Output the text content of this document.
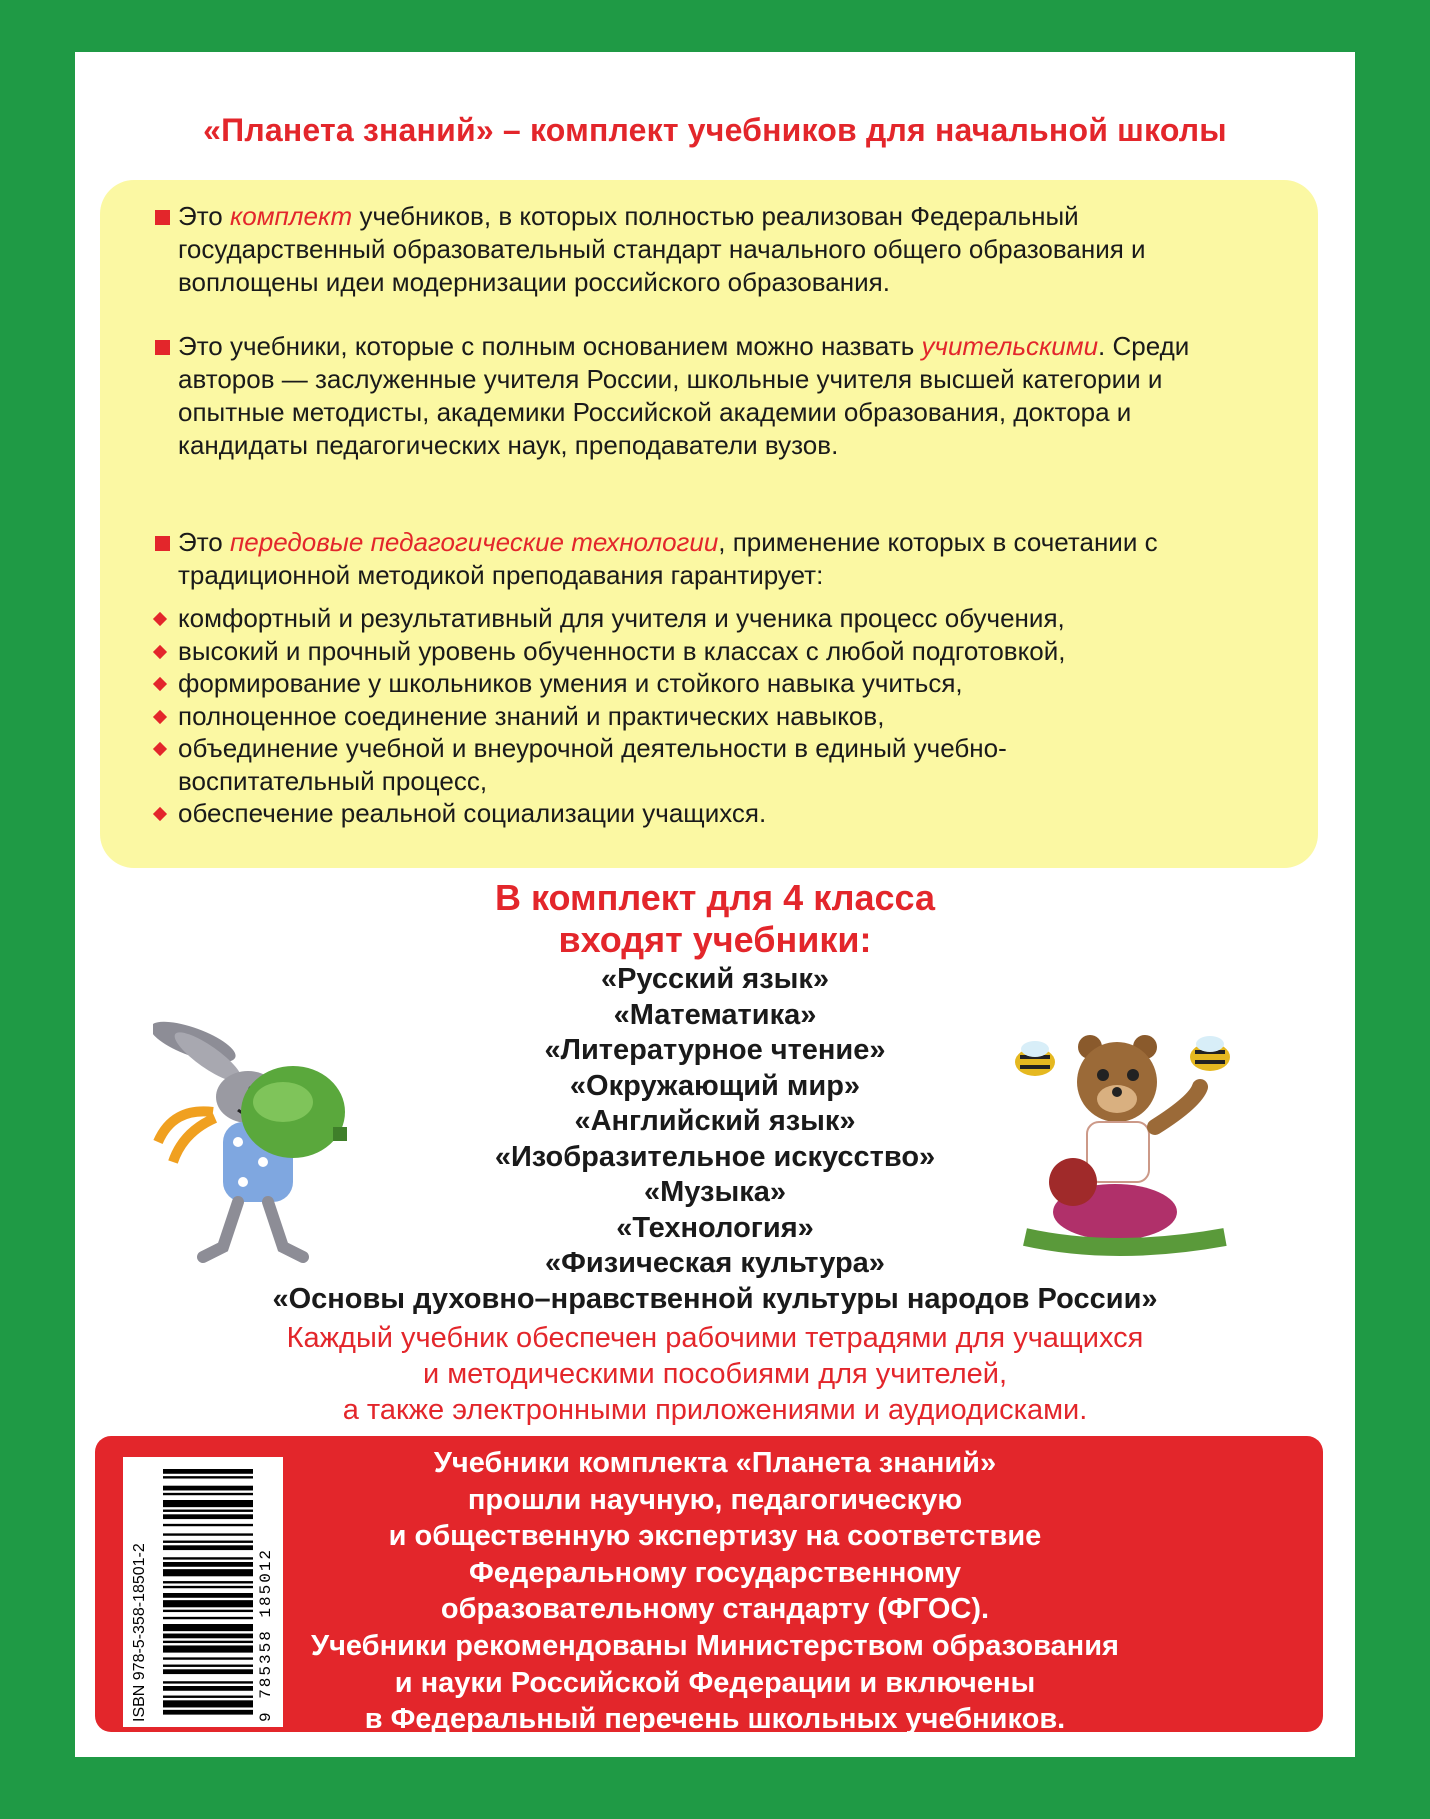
«Планета знаний» – комплект учебников для начальной школы
Это комплект учебников, в которых полностью реализован Федеральный государственный образовательный стандарт начального общего образования и воплощены идеи модернизации российского образования.
Это учебники, которые с полным основанием можно назвать учительскими. Среди авторов — заслуженные учителя России, школьные учителя высшей категории и опытные методисты, академики Российской академии образования, доктора и кандидаты педагогических наук, преподаватели вузов.
Это передовые педагогические технологии, применение которых в сочетании с традиционной методикой преподавания гарантирует:
комфортный и результативный для учителя и ученика процесс обучения,
высокий и прочный уровень обученности в классах с любой подготовкой,
формирование у школьников умения и стойкого навыка учиться,
полноценное соединение знаний и практических навыков,
объединение учебной и внеурочной деятельности в единый учебно-воспитательный процесс,
обеспечение реальной социализации учащихся.
В комплект для 4 класса
входят учебники:
«Русский язык»
«Математика»
«Литературное чтение»
«Окружающий мир»
«Английский язык»
«Изобразительное искусство»
«Музыка»
«Технология»
«Физическая культура»
«Основы духовно–нравственной культуры народов России»
Каждый учебник обеспечен рабочими тетрадями для учащихся
и методическими пособиями для учителей,
а также электронными приложениями и аудиодисками.
Учебники комплекта «Планета знаний»
прошли научную, педагогическую
и общественную экспертизу на соответствие
Федеральному государственному
образовательному стандарту (ФГОС).
Учебники рекомендованы Министерством образования
и науки Российской Федерации и включены
в Федеральный перечень школьных учебников.
ISBN 978-5-358-18501-2	9 785358 185012
